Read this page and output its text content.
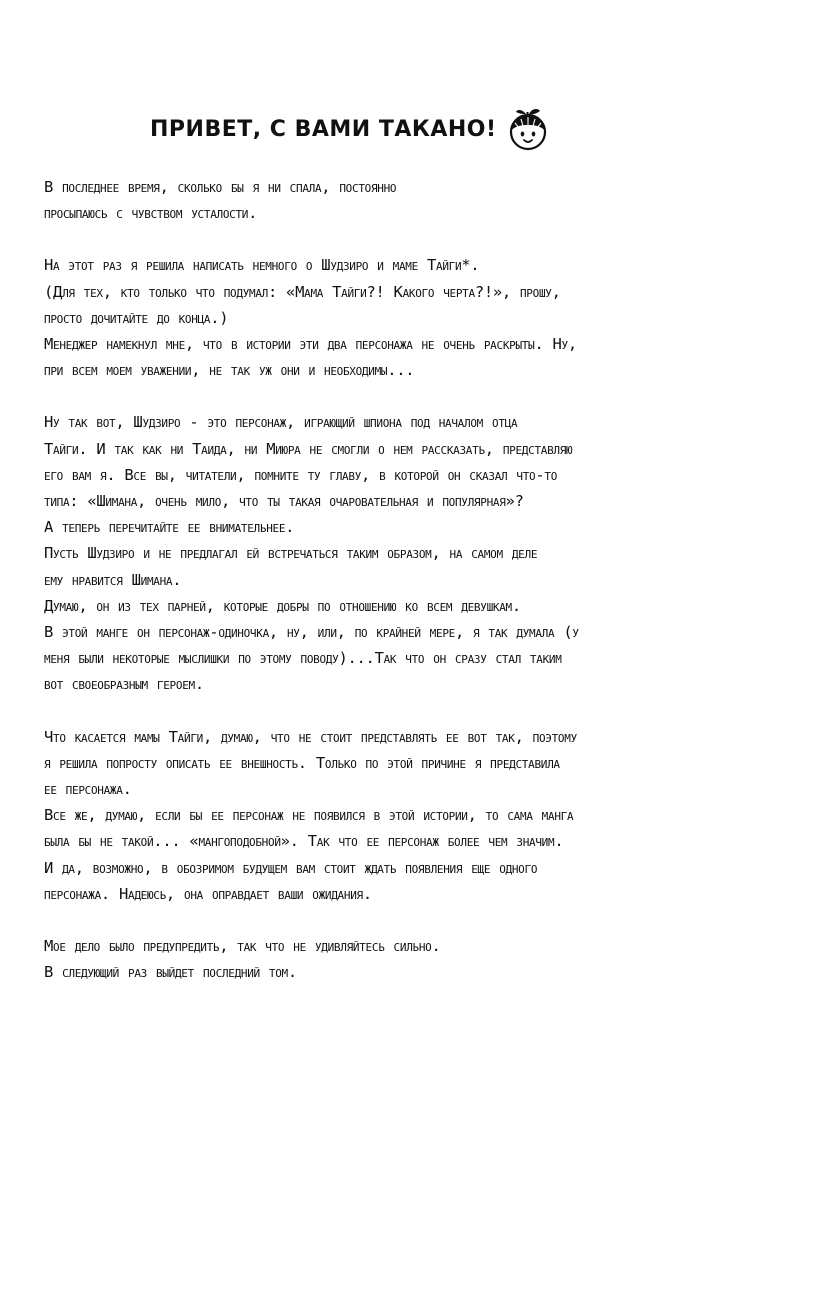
ПРИВЕТ, С ВАМИ ТАКАНО!

В последнее время, сколько бы я ни спала, постоянно
просыпаюсь с чувством усталости.

На этот раз я решила написать немного о Шудзиро и маме Тайги*.
(Для тех, кто только что подумал: «Мама Тайги?! Какого черта?!», прошу,
просто дочитайте до конца.)
Менеджер намекнул мне, что в истории эти два персонажа не очень раскрыты. Ну,
при всем моем уважении, не так уж они и необходимы...

Ну так вот, Шудзиро - это персонаж, играющий шпиона под началом отца
Тайги. И так как ни Таида, ни Миюра не смогли о нем рассказать, представляю
его вам я. Все вы, читатели, помните ту главу, в которой он сказал что-то
типа: «Шимана, очень мило, что ты такая очаровательная и популярная»?
А теперь перечитайте ее внимательнее.
Пусть Шудзиро и не предлагал ей встречаться таким образом, на самом деле
ему нравится Шимана.
Думаю, он из тех парней, которые добры по отношению ко всем девушкам.
В этой манге он персонаж-одиночка, ну, или, по крайней мере, я так думала (у
меня были некоторые мыслишки по этому поводу)...Так что он сразу стал таким
вот своеобразным героем.

Что касается мамы Тайги, думаю, что не стоит представлять ее вот так, поэтому
я решила попросту описать ее внешность. Только по этой причине я представила
ее персонажа.
Все же, думаю, если бы ее персонаж не появился в этой истории, то сама манга
была бы не такой... «мангоподобной». Так что ее персонаж более чем значим.
И да, возможно, в обозримом будущем вам стоит ждать появления еще одного
персонажа. Надеюсь, она оправдает ваши ожидания.

Мое дело было предупредить, так что не удивляйтесь сильно.
В следующий раз выйдет последний том.
